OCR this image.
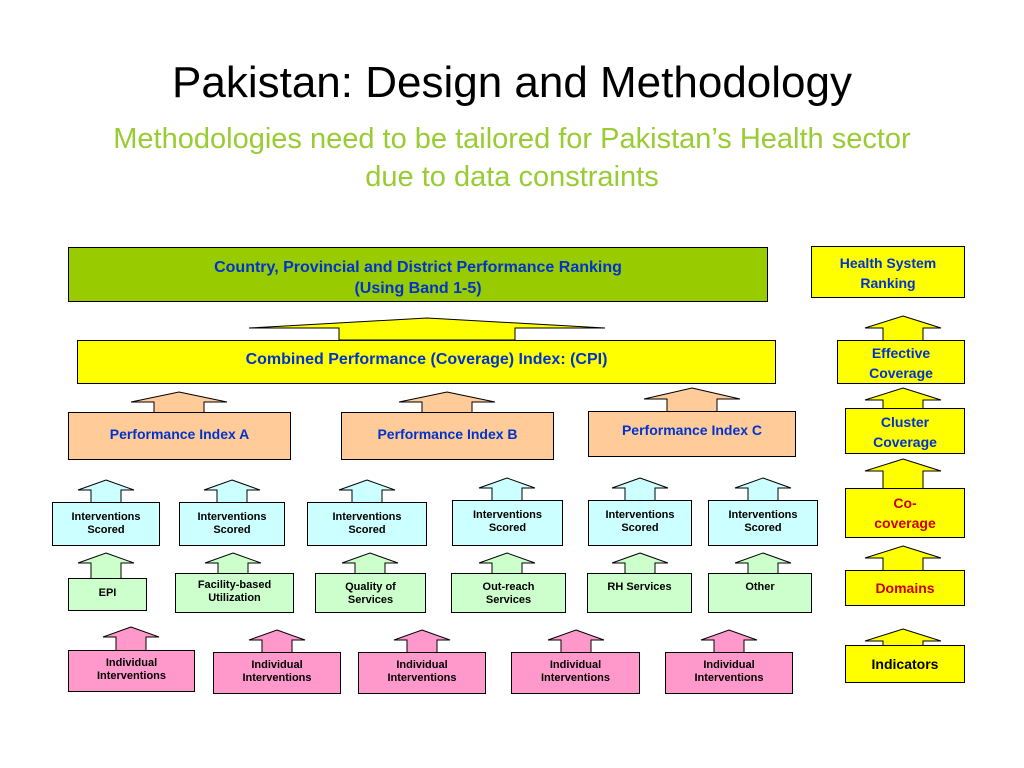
Pakistan: Design and Methodology
Methodologies need to be tailored for Pakistan’s Health sector due to data constraints
Country, Provincial and District Performance Ranking
(Using Band 1-5)
Combined Performance (Coverage) Index: (CPI)
Performance Index A	Performance Index B	Performance Index C
Interventions
Scored
Interventions
Scored
Interventions
Scored
Interventions
Scored
Interventions
Scored
Interventions
Scored
EPI
Facility-based
Utilization
Quality of
Services
Out-reach
Services
RH Services	Other
Individual
Interventions
Individual
Interventions
Individual
Interventions
Individual
Interventions
Individual
Interventions
Health System
Ranking
Effective
Coverage
Cluster
Coverage
Co-
coverage
Domains
Indicators
